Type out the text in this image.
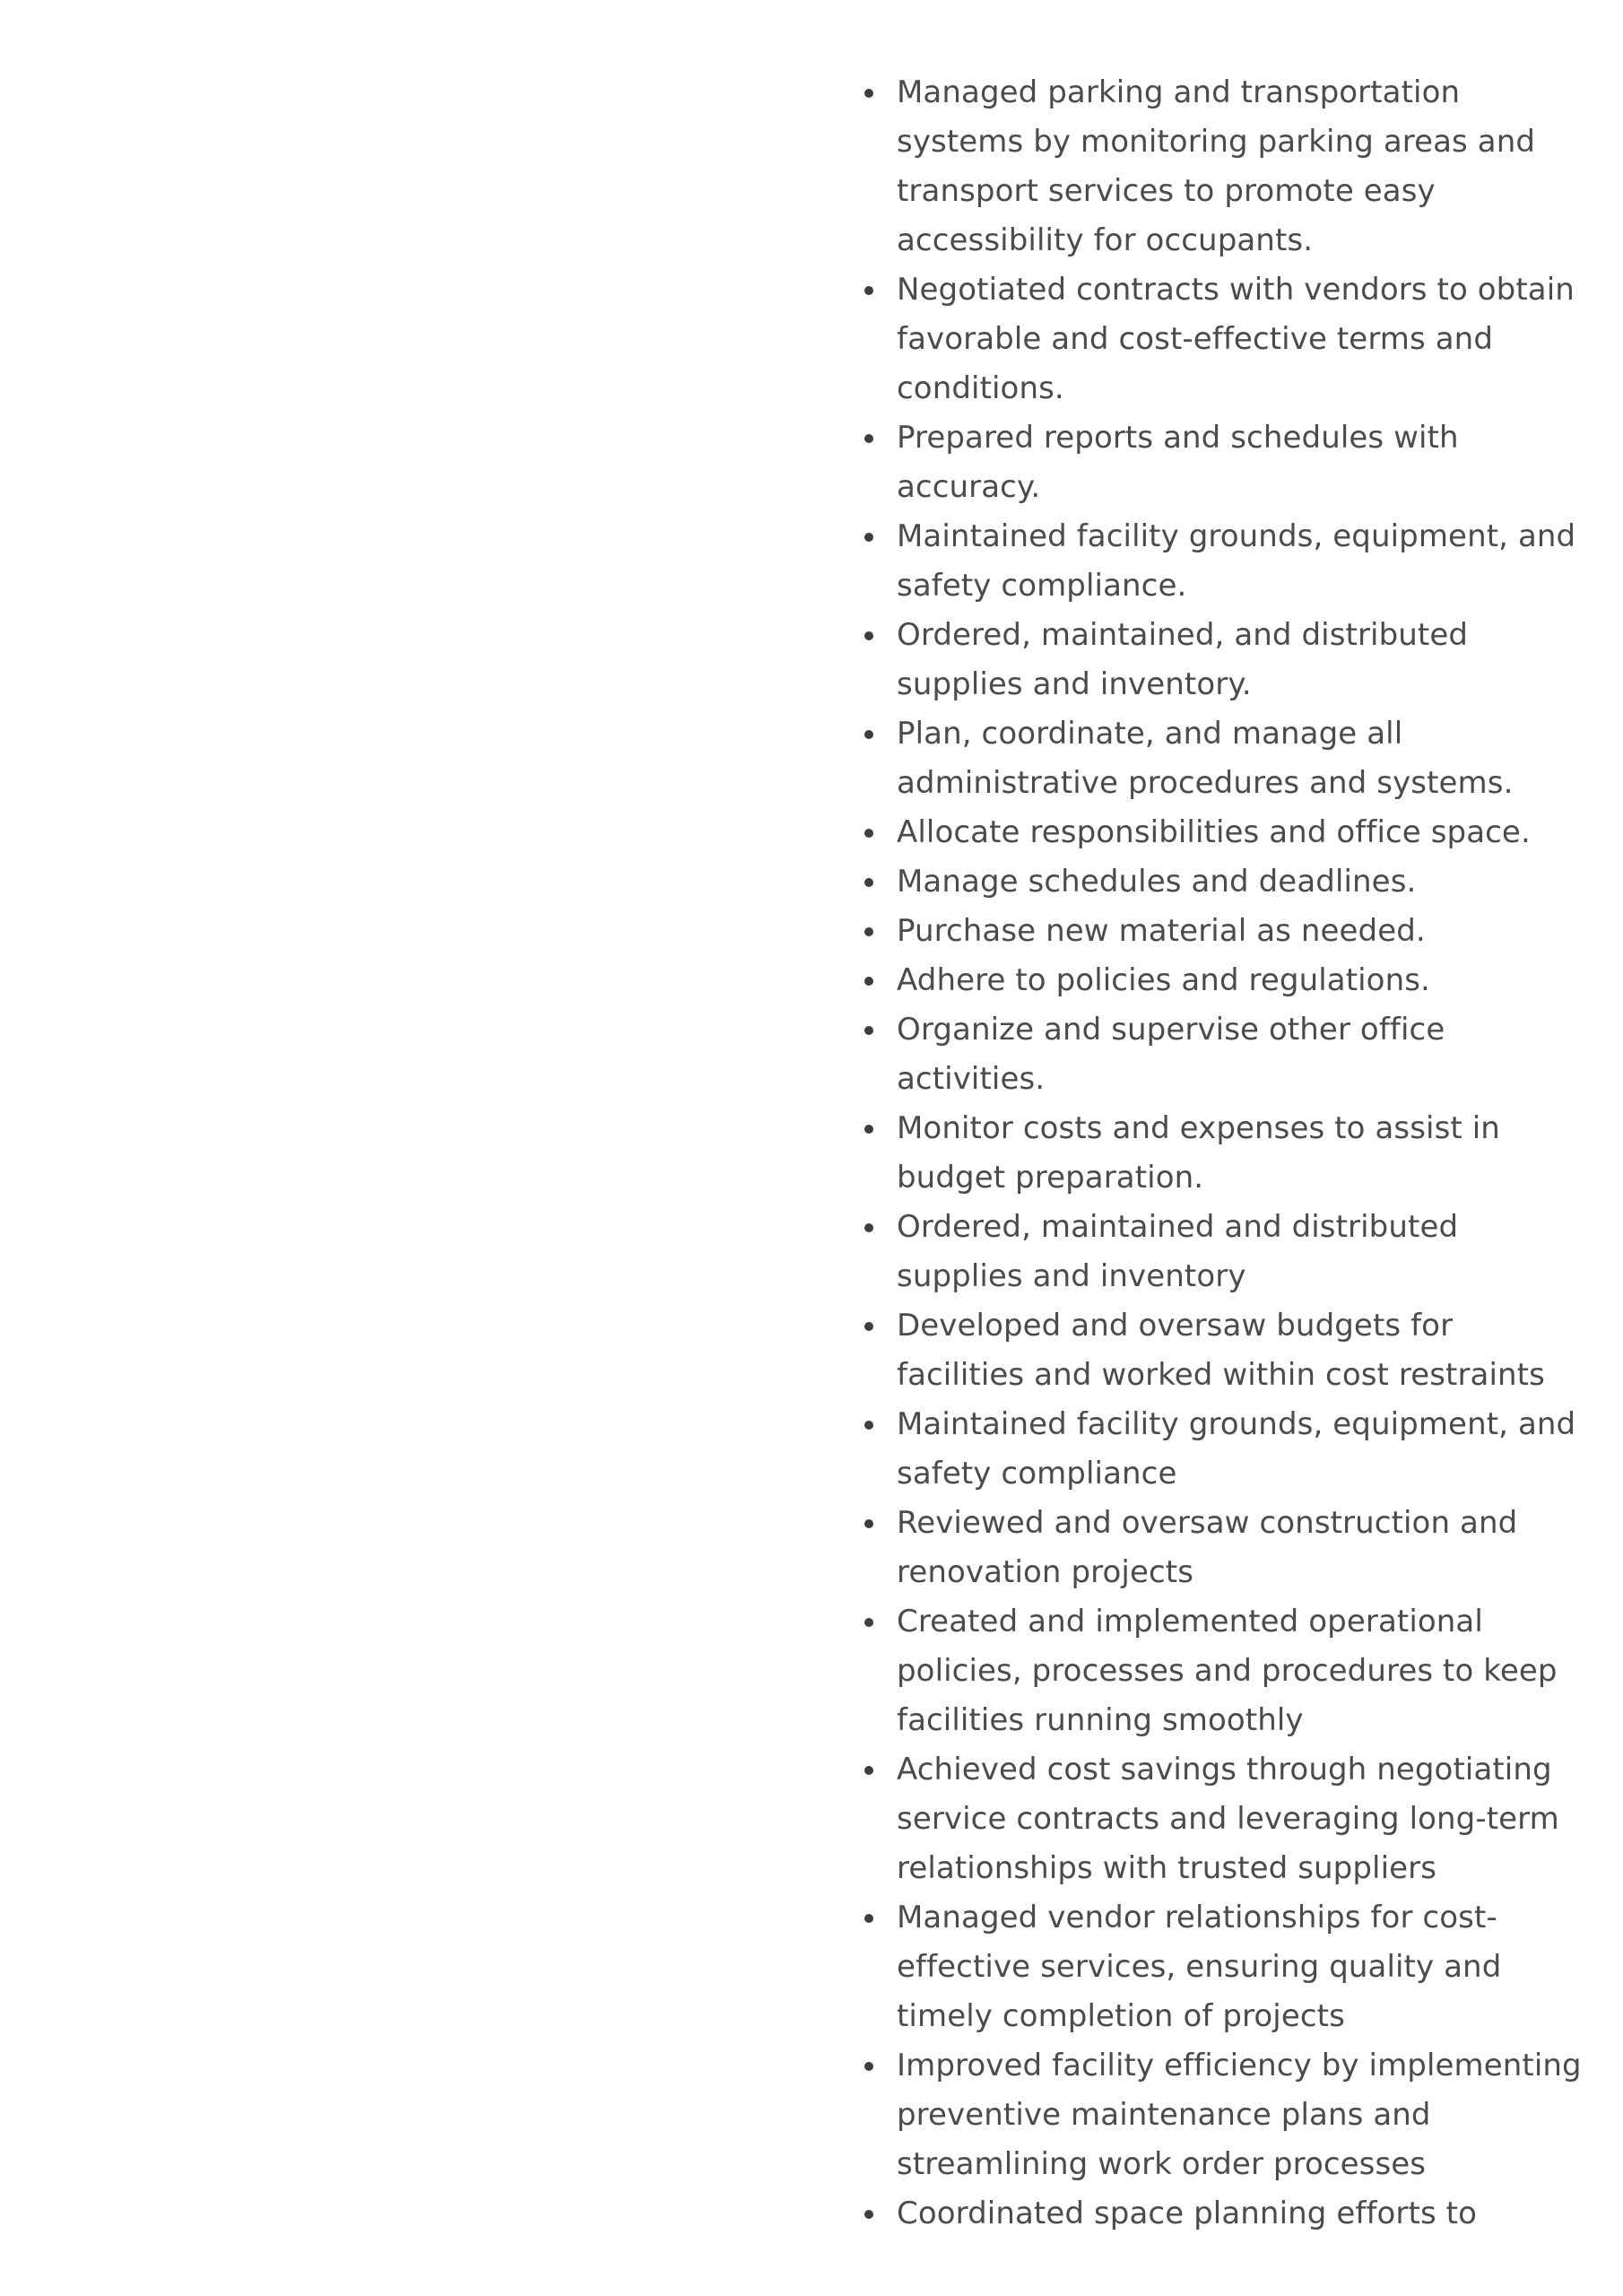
Managed parking and transportation systems by monitoring parking areas and transport services to promote easy accessibility for occupants.
Negotiated contracts with vendors to obtain favorable and cost-effective terms and conditions.
Prepared reports and schedules with accuracy.
Maintained facility grounds, equipment, and safety compliance.
Ordered, maintained, and distributed supplies and inventory.
Plan, coordinate, and manage all administrative procedures and systems.
Allocate responsibilities and office space.
Manage schedules and deadlines.
Purchase new material as needed.
Adhere to policies and regulations.
Organize and supervise other office activities.
Monitor costs and expenses to assist in budget preparation.
Ordered, maintained and distributed supplies and inventory
Developed and oversaw budgets for facilities and worked within cost restraints
Maintained facility grounds, equipment, and safety compliance
Reviewed and oversaw construction and renovation projects
Created and implemented operational policies, processes and procedures to keep facilities running smoothly
Achieved cost savings through negotiating service contracts and leveraging long-term relationships with trusted suppliers
Managed vendor relationships for cost-effective services, ensuring quality and timely completion of projects
Improved facility efficiency by implementing preventive maintenance plans and streamlining work order processes
Coordinated space planning efforts to
